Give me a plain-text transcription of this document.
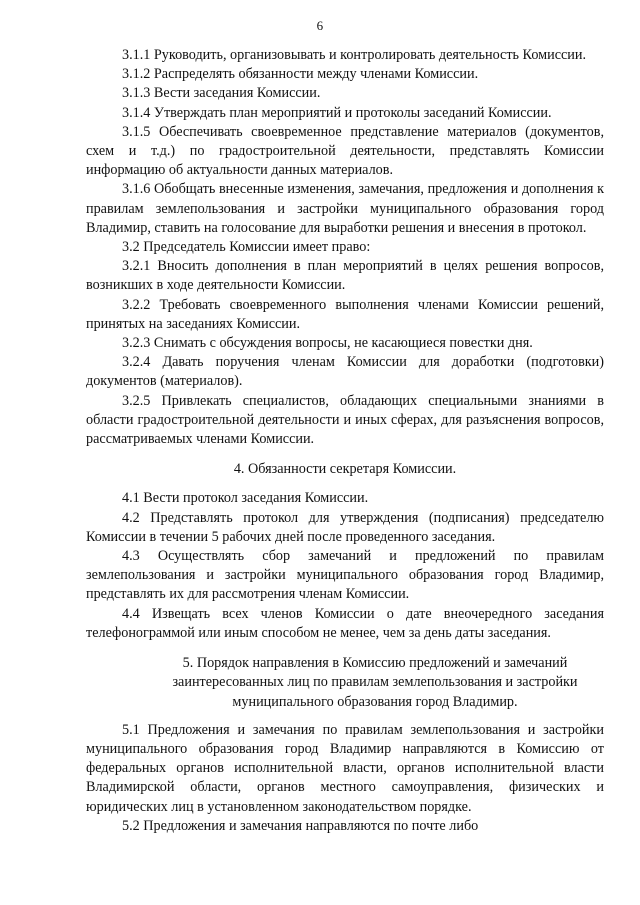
6

3.1.1 Руководить, организовывать и контролировать деятельность Комиссии.

3.1.2 Распределять обязанности между членами Комиссии.

3.1.3 Вести заседания Комиссии.

3.1.4 Утверждать план мероприятий и протоколы заседаний Комиссии.

3.1.5 Обеспечивать своевременное представление материалов (документов, схем и т.д.) по градостроительной деятельности, представлять Комиссии информацию об актуальности данных материалов.

3.1.6 Обобщать внесенные изменения, замечания, предложения и дополнения к правилам землепользования и застройки муниципального образования город Владимир, ставить на голосование для выработки решения и внесения в протокол.

3.2 Председатель Комиссии имеет право:

3.2.1 Вносить дополнения в план мероприятий в целях решения вопросов, возникших в ходе деятельности Комиссии.

3.2.2 Требовать своевременного выполнения членами Комиссии решений, принятых на заседаниях Комиссии.

3.2.3 Снимать с обсуждения вопросы, не касающиеся повестки дня.

3.2.4 Давать поручения членам Комиссии для доработки (подготовки) документов (материалов).

3.2.5 Привлекать специалистов, обладающих специальными знаниями в области градостроительной деятельности и иных сферах, для разъяснения вопросов, рассматриваемых членами Комиссии.

4. Обязанности секретаря Комиссии.

4.1 Вести протокол заседания Комиссии.

4.2 Представлять протокол для утверждения (подписания) председателю Комиссии в течении 5 рабочих дней после проведенного заседания.

4.3 Осуществлять сбор замечаний и предложений по правилам землепользования и застройки муниципального образования город Владимир, представлять их для рассмотрения членам Комиссии.

4.4 Извещать всех членов Комиссии о дате внеочередного заседания телефонограммой или иным способом не менее, чем за день даты заседания.

5. Порядок направления в Комиссию предложений и замечаний заинтересованных лиц по правилам землепользования и застройки муниципального образования город Владимир.

5.1 Предложения и замечания по правилам землепользования и застройки муниципального образования город Владимир направляются в Комиссию от федеральных органов исполнительной власти, органов исполнительной власти Владимирской области, органов местного самоуправления, физических и юридических лиц в установленном законодательством порядке.

5.2 Предложения и замечания направляются по почте либо
